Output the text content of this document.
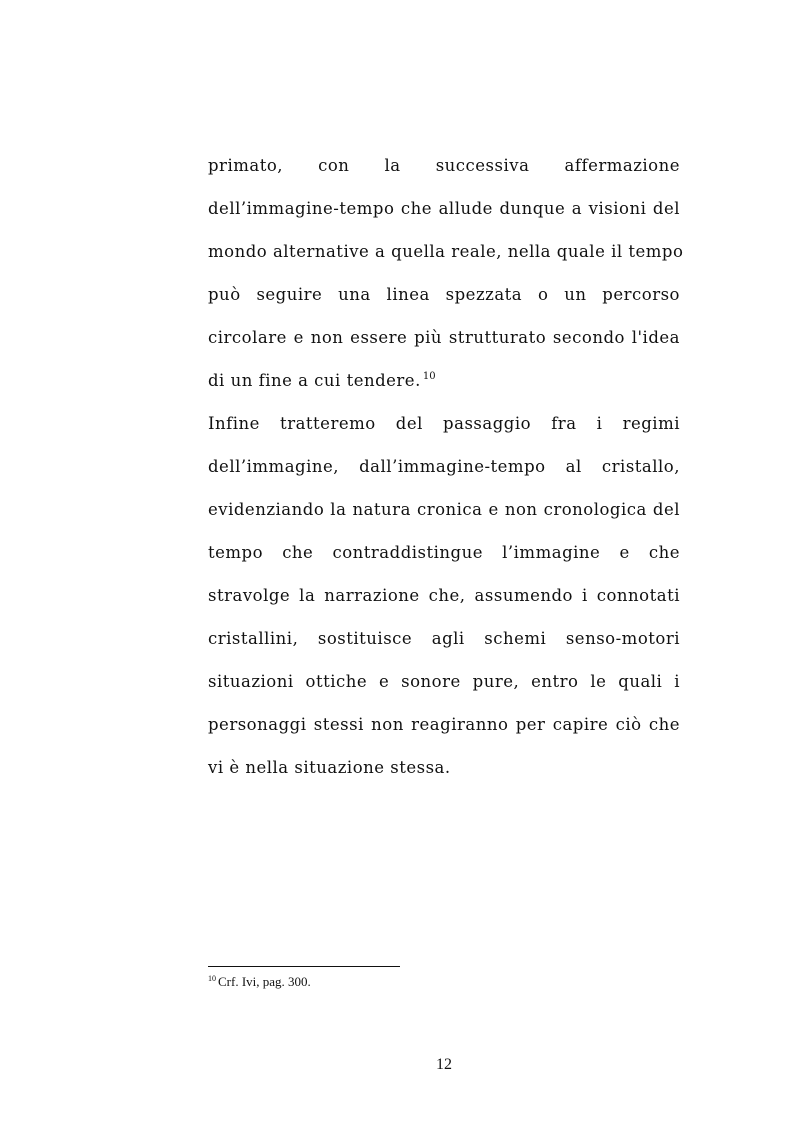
primato, con la successiva affermazione
dell’immagine-tempo che allude dunque a visioni del
mondo alternative a quella reale, nella quale il tempo
può seguire una linea spezzata o un percorso
circolare e non essere più strutturato secondo l'idea
di un fine a cui tendere. $^{10}$
Infine tratteremo del passaggio fra i regimi
dell’immagine, dall’immagine-tempo al cristallo,
evidenziando la natura cronica e non cronologica del
tempo che contraddistingue l’immagine e che
stravolge la narrazione che, assumendo i connotati
cristallini, sostituisce agli schemi senso-motori
situazioni ottiche e sonore pure, entro le quali i
personaggi stessi non reagiranno per capire ciò che
vi è nella situazione stessa.
$^{10}$ Crf. Ivi, pag. 300.
12
